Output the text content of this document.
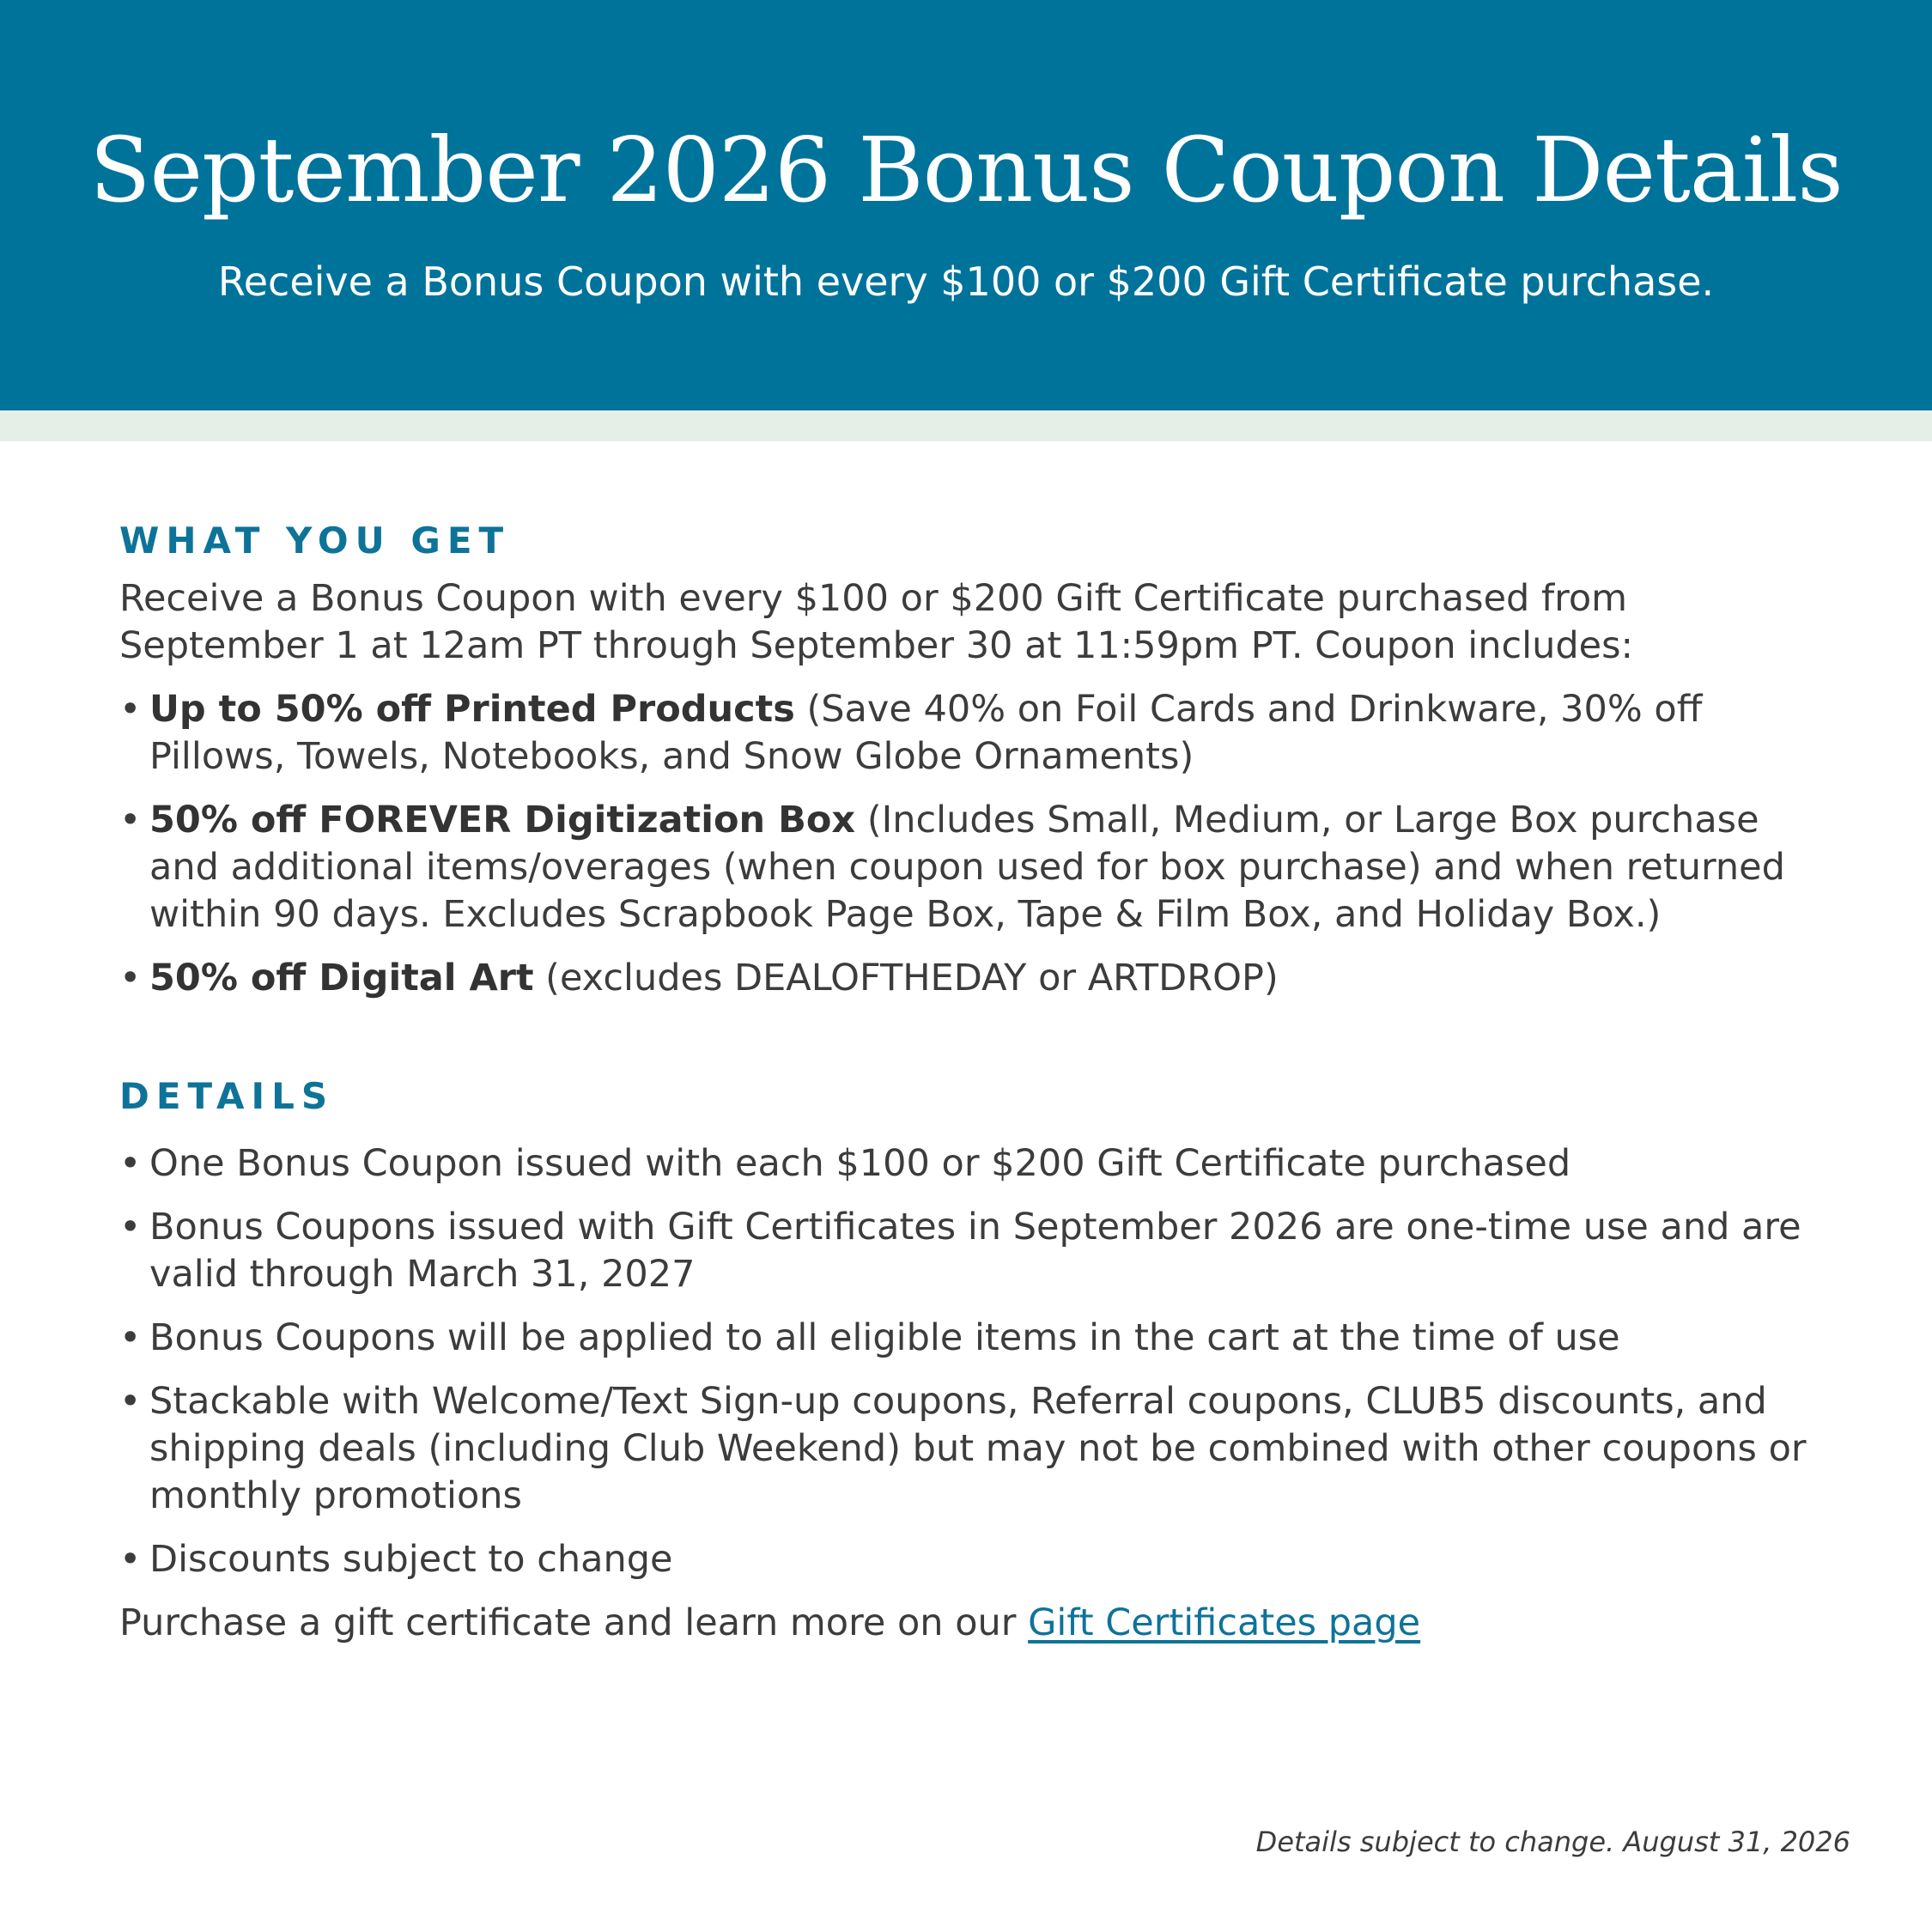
September 2026 Bonus Coupon Details

Receive a Bonus Coupon with every $100 or $200 Gift Certificate purchase.

WHAT YOU GET

Receive a Bonus Coupon with every $100 or $200 Gift Certificate purchased from September 1 at 12am PT through September 30 at 11:59pm PT. Coupon includes:

• Up to 50% off Printed Products (Save 40% on Foil Cards and Drinkware, 30% off Pillows, Towels, Notebooks, and Snow Globe Ornaments)
• 50% off FOREVER Digitization Box (Includes Small, Medium, or Large Box purchase and additional items/overages (when coupon used for box purchase) and when returned within 90 days. Excludes Scrapbook Page Box, Tape & Film Box, and Holiday Box.)
• 50% off Digital Art (excludes DEALOFTHEDAY or ARTDROP)
DETAILS
• One Bonus Coupon issued with each $100 or $200 Gift Certificate purchased
• Bonus Coupons issued with Gift Certificates in September 2026 are one-time use and are valid through March 31, 2027
• Bonus Coupons will be applied to all eligible items in the cart at the time of use
• Stackable with Welcome/Text Sign-up coupons, Referral coupons, CLUB5 discounts, and shipping deals (including Club Weekend) but may not be combined with other coupons or monthly promotions
• Discounts subject to change

Purchase a gift certificate and learn more on our Gift Certificates page

Details subject to change. August 31, 2026
